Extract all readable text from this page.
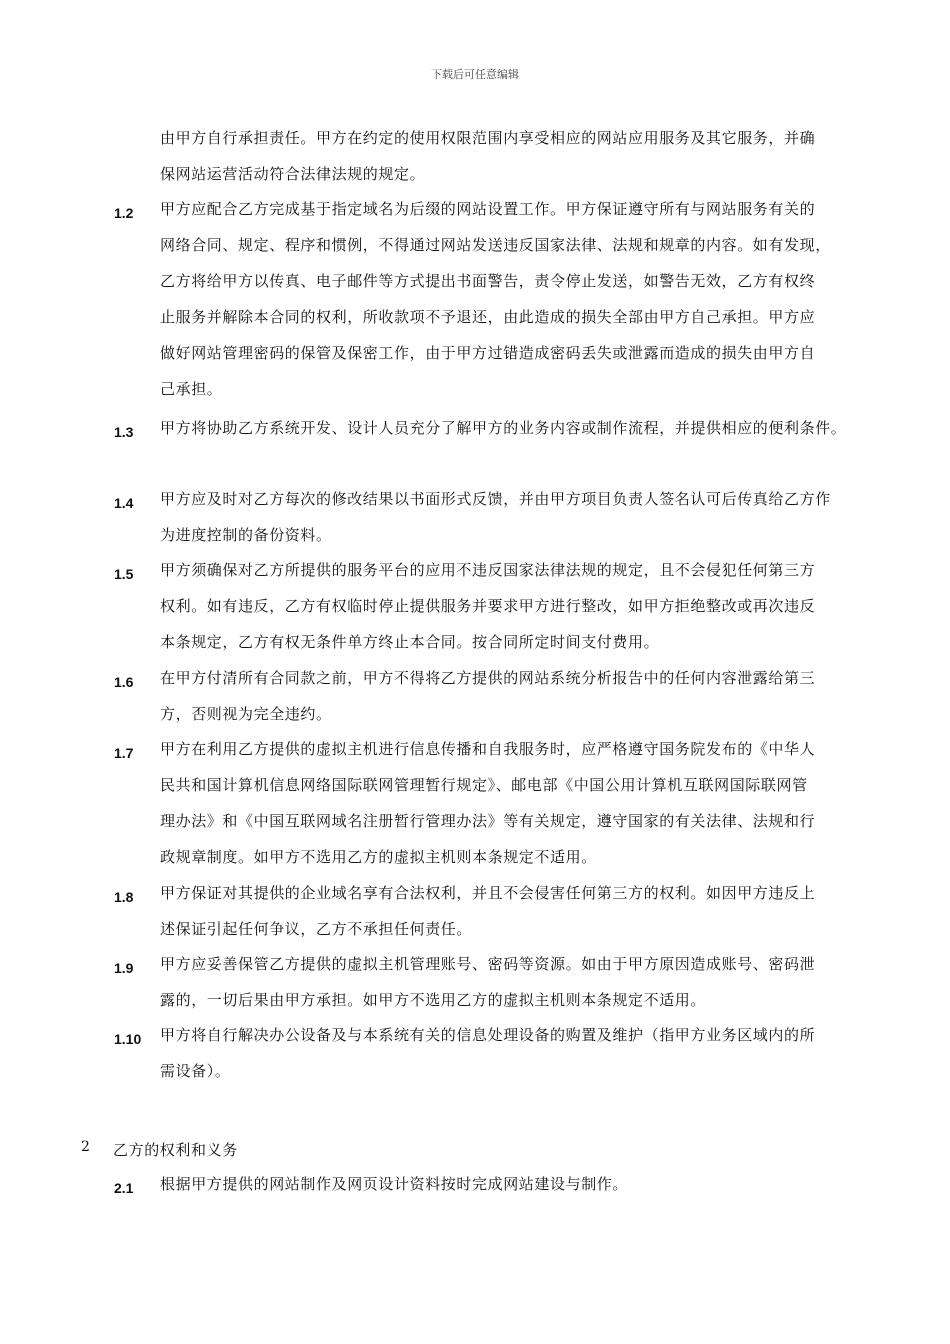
下载后可任意编辑
由甲方自行承担责任。甲方在约定的使用权限范围内享受相应的网站应用服务及其它服务，并确
保网站运营活动符合法律法规的规定。
1.2 甲方应配合乙方完成基于指定域名为后缀的网站设置工作。甲方保证遵守所有与网站服务有关的
网络合同、规定、程序和惯例，不得通过网站发送违反国家法律、法规和规章的内容。如有发现，
乙方将给甲方以传真、电子邮件等方式提出书面警告，责令停止发送，如警告无效，乙方有权终
止服务并解除本合同的权利，所收款项不予退还，由此造成的损失全部由甲方自己承担。甲方应
做好网站管理密码的保管及保密工作，由于甲方过错造成密码丢失或泄露而造成的损失由甲方自
己承担。
1.3 甲方将协助乙方系统开发、设计人员充分了解甲方的业务内容或制作流程，并提供相应的便利条件。
1.4 甲方应及时对乙方每次的修改结果以书面形式反馈，并由甲方项目负责人签名认可后传真给乙方作
为进度控制的备份资料。
1.5 甲方须确保对乙方所提供的服务平台的应用不违反国家法律法规的规定，且不会侵犯任何第三方
权利。如有违反，乙方有权临时停止提供服务并要求甲方进行整改，如甲方拒绝整改或再次违反
本条规定，乙方有权无条件单方终止本合同。按合同所定时间支付费用。
1.6 在甲方付清所有合同款之前，甲方不得将乙方提供的网站系统分析报告中的任何内容泄露给第三
方，否则视为完全违约。
1.7 甲方在利用乙方提供的虚拟主机进行信息传播和自我服务时，应严格遵守国务院发布的《中华人
民共和国计算机信息网络国际联网管理暂行规定》、邮电部《中国公用计算机互联网国际联网管
理办法》和《中国互联网域名注册暂行管理办法》等有关规定，遵守国家的有关法律、法规和行
政规章制度。如甲方不选用乙方的虚拟主机则本条规定不适用。
1.8 甲方保证对其提供的企业域名享有合法权利，并且不会侵害任何第三方的权利。如因甲方违反上
述保证引起任何争议，乙方不承担任何责任。
1.9 甲方应妥善保管乙方提供的虚拟主机管理账号、密码等资源。如由于甲方原因造成账号、密码泄
露的，一切后果由甲方承担。如甲方不选用乙方的虚拟主机则本条规定不适用。
1.10 甲方将自行解决办公设备及与本系统有关的信息处理设备的购置及维护（指甲方业务区域内的所
需设备）。
2 乙方的权利和义务
2.1 根据甲方提供的网站制作及网页设计资料按时完成网站建设与制作。
